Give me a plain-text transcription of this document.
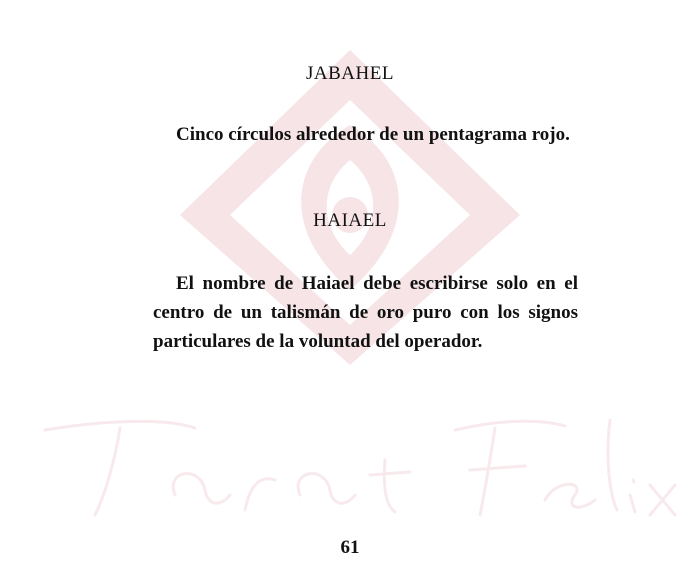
JABAHEL

Cinco círculos alrededor de un pentagrama rojo.

HAIAEL

El nombre de Haiael debe escribirse solo en el centro de un talismán de oro puro con los signos particulares de la voluntad del operador.

61
